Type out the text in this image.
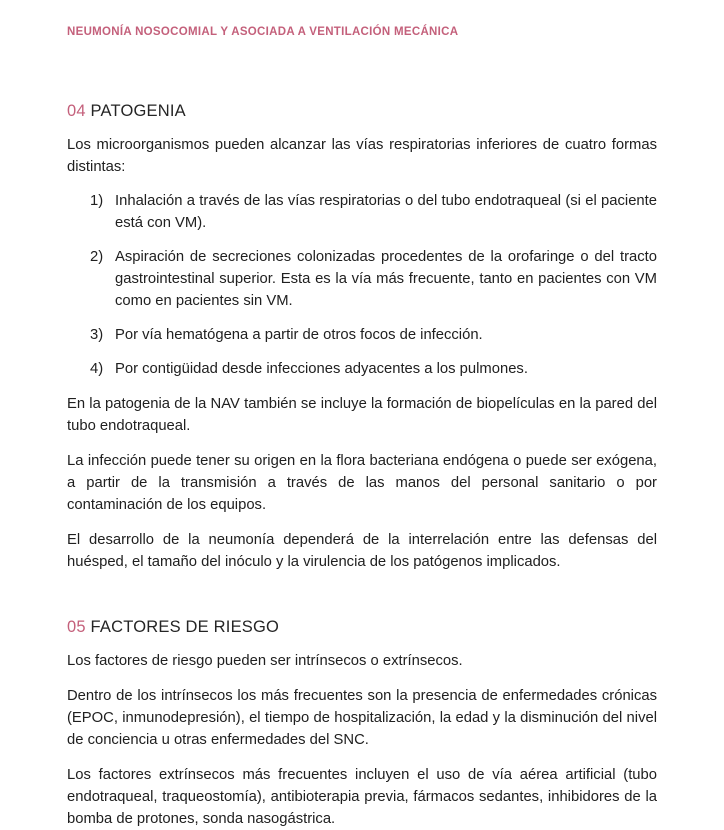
NEUMONÍA NOSOCOMIAL Y ASOCIADA A VENTILACIÓN MECÁNICA
04 PATOGENIA

Los microorganismos pueden alcanzar las vías respiratorias inferiores de cuatro formas distintas:

1) Inhalación a través de las vías respiratorias o del tubo endotraqueal (si el paciente está con VM).
2) Aspiración de secreciones colonizadas procedentes de la orofaringe o del tracto gastrointestinal superior. Esta es la vía más frecuente, tanto en pacientes con VM como en pacientes sin VM.
3) Por vía hematógena a partir de otros focos de infección.
4) Por contigüidad desde infecciones adyacentes a los pulmones.

En la patogenia de la NAV también se incluye la formación de biopelículas en la pared del tubo endotraqueal.

La infección puede tener su origen en la flora bacteriana endógena o puede ser exógena, a partir de la transmisión a través de las manos del personal sanitario o por contaminación de los equipos.

El desarrollo de la neumonía dependerá de la interrelación entre las defensas del huésped, el tamaño del inóculo y la virulencia de los patógenos implicados.

05 FACTORES DE RIESGO

Los factores de riesgo pueden ser intrínsecos o extrínsecos.

Dentro de los intrínsecos los más frecuentes son la presencia de enfermedades crónicas (EPOC, inmunodepresión), el tiempo de hospitalización, la edad y la disminución del nivel de conciencia u otras enfermedades del SNC.

Los factores extrínsecos más frecuentes incluyen el uso de vía aérea artificial (tubo endotraqueal, traqueostomía), antibioterapia previa, fármacos sedantes, inhibidores de la bomba de protones, sonda nasogástrica.
